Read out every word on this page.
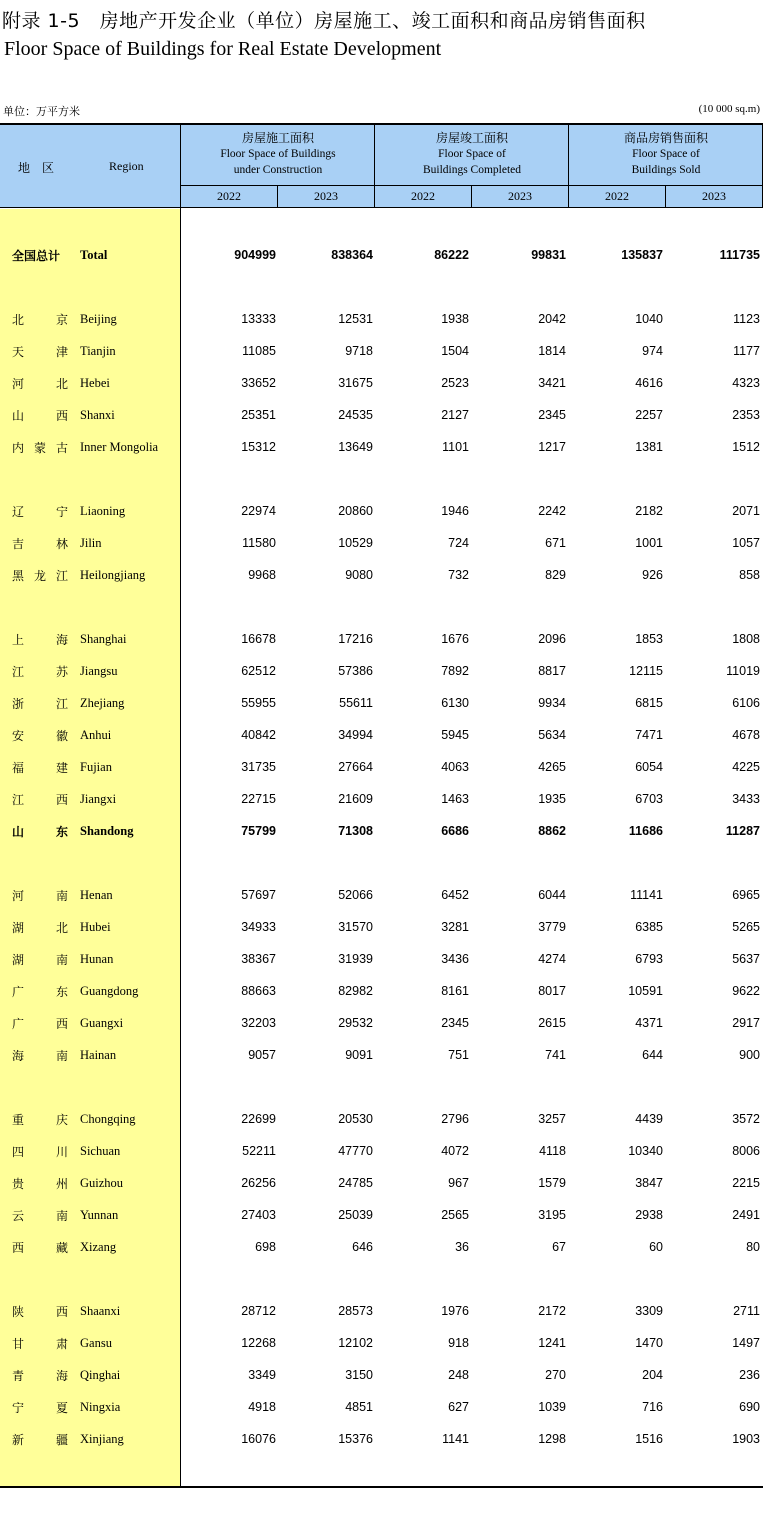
附录 1-5　房地产开发企业（单位）房屋施工、竣工面积和商品房销售面积
Floor Space of Buildings for Real Estate Development
单位：万平方米	(10 000 sq.m)
地　区	Region
房屋施工面积
Floor Space of Buildings
under Construction
房屋竣工面积
Floor Space of
Buildings Completed
商品房销售面积
Floor Space of
Buildings Sold
2022	2023	2022	2023	2022	2023
全国总计	Total	904999	838364	86222	99831	135837	111735
北　京 Beijing	13333	12531	1938	2042	1040	1123
天　津 Tianjin	11085	9718	1504	1814	974	1177
河　北 Hebei	33652	31675	2523	3421	4616	4323
山　西 Shanxi	25351	24535	2127	2345	2257	2353
内蒙古 Inner Mongolia	15312	13649	1101	1217	1381	1512
辽　宁 Liaoning	22974	20860	1946	2242	2182	2071
吉　林 Jilin	11580	10529	724	671	1001	1057
黑龙江 Heilongjiang	9968	9080	732	829	926	858
上　海 Shanghai	16678	17216	1676	2096	1853	1808
江　苏 Jiangsu	62512	57386	7892	8817	12115	11019
浙　江 Zhejiang	55955	55611	6130	9934	6815	6106
安　徽 Anhui	40842	34994	5945	5634	7471	4678
福　建 Fujian	31735	27664	4063	4265	6054	4225
江　西 Jiangxi	22715	21609	1463	1935	6703	3433
山　东 Shandong	75799	71308	6686	8862	11686	11287
河　南 Henan	57697	52066	6452	6044	11141	6965
湖　北 Hubei	34933	31570	3281	3779	6385	5265
湖　南 Hunan	38367	31939	3436	4274	6793	5637
广　东 Guangdong	88663	82982	8161	8017	10591	9622
广　西 Guangxi	32203	29532	2345	2615	4371	2917
海　南 Hainan	9057	9091	751	741	644	900
重　庆 Chongqing	22699	20530	2796	3257	4439	3572
四　川 Sichuan	52211	47770	4072	4118	10340	8006
贵　州 Guizhou	26256	24785	967	1579	3847	2215
云　南 Yunnan	27403	25039	2565	3195	2938	2491
西　藏 Xizang	698	646	36	67	60	80
陕　西 Shaanxi	28712	28573	1976	2172	3309	2711
甘　肃 Gansu	12268	12102	918	1241	1470	1497
青　海 Qinghai	3349	3150	248	270	204	236
宁　夏 Ningxia	4918	4851	627	1039	716	690
新　疆 Xinjiang	16076	15376	1141	1298	1516	1903
